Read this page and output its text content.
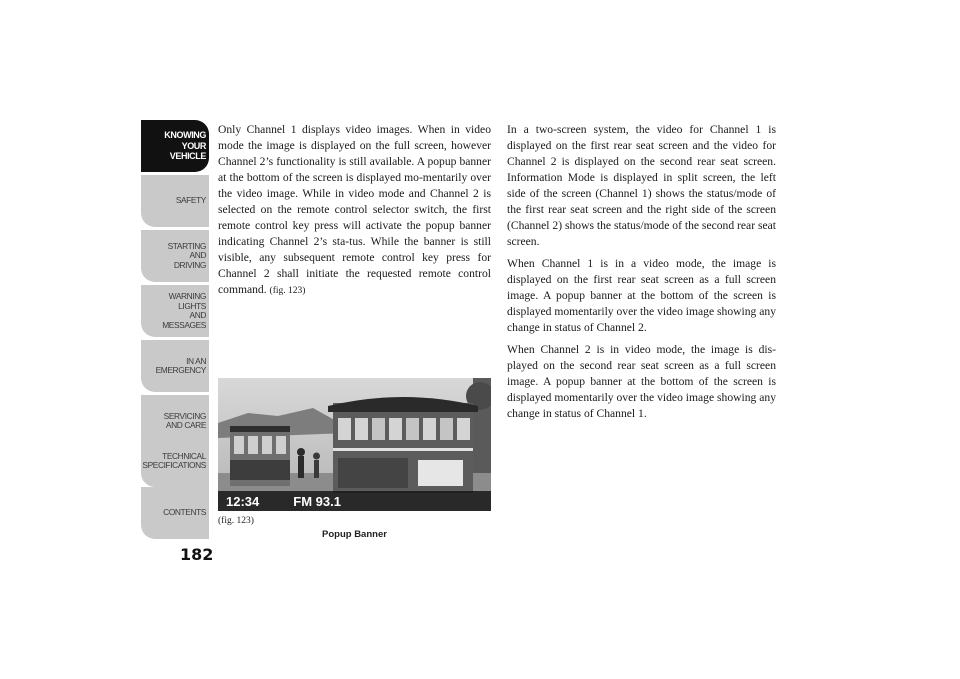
KNOWING
YOUR
VEHICLE
SAFETY
STARTING
AND
DRIVING
WARNING
LIGHTS
AND
MESSAGES
IN AN
EMERGENCY
SERVICING
AND CARE
TECHNICAL
SPECIFICATIONS
CONTENTS
182

Only Channel 1 displays video images. When in video mode the image is displayed on the full screen, however Channel 2’s functionality is still available. A popup banner at the bottom of the screen is displayed mo-mentarily over the video image. While in video mode and Channel 2 is selected on the remote control selector switch, the first remote control key press will activate the popup banner indicating Channel 2’s sta-tus. While the banner is still visible, any subsequent remote control key press for Channel 2 shall initiate the requested remote control command. (fig. 123)

12:34	FM 93.1
(fig. 123)
Popup Banner

In a two-screen system, the video for Channel 1 is displayed on the first rear seat screen and the video for Channel 2 is displayed on the second rear seat screen. Information Mode is displayed in split screen, the left side of the screen (Channel 1) shows the status/mode of the first rear seat screen and the right side of the screen (Channel 2) shows the status/mode of the second rear seat screen.

When Channel 1 is in a video mode, the image is displayed on the first rear seat screen as a full screen image. A popup banner at the bottom of the screen is displayed momentarily over the video image showing any change in status of Channel 2.

When Channel 2 is in video mode, the image is dis-played on the second rear seat screen as a full screen image. A popup banner at the bottom of the screen is displayed momentarily over the video image showing any change in status of Channel 1.
